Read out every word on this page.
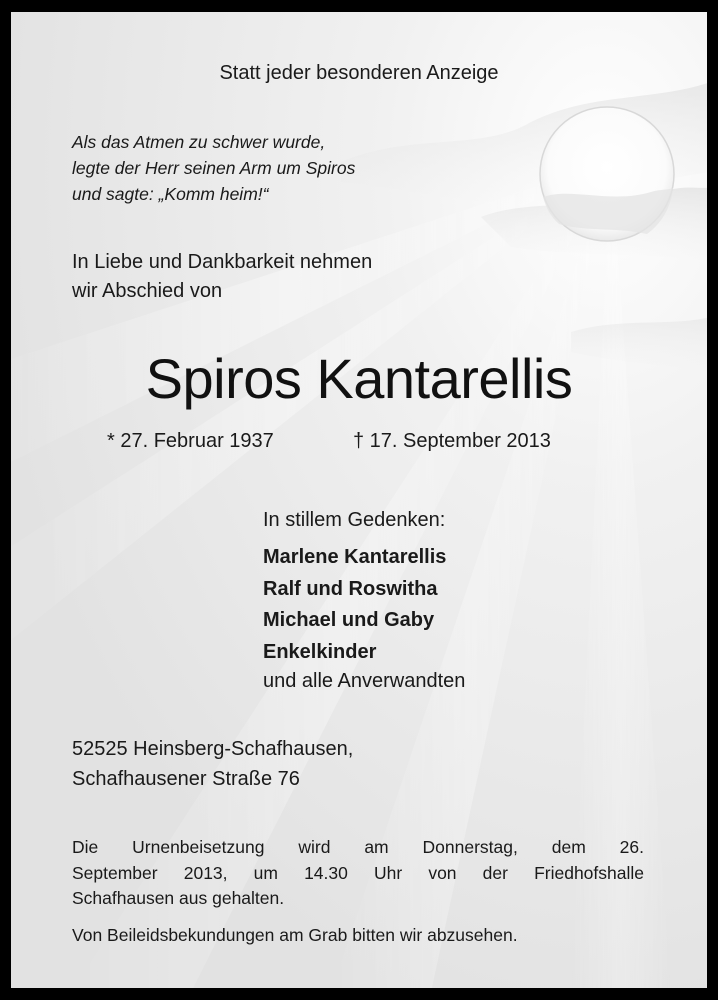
Statt jeder besonderen Anzeige

Als das Atmen zu schwer wurde,
legte der Herr seinen Arm um Spiros
und sagte: „Komm heim!“

In Liebe und Dankbarkeit nehmen
wir Abschied von

Spiros Kantarellis

* 27. Februar 1937	† 17. September 2013

In stillem Gedenken:

Marlene Kantarellis
Ralf und Roswitha
Michael und Gaby
Enkelkinder

und alle Anverwandten

52525 Heinsberg-Schafhausen,
Schafhausener Straße 76

Die Urnenbeisetzung wird am Donnerstag, dem 26.
September 2013, um 14.30 Uhr von der Friedhofshalle
Schafhausen aus gehalten.

Von Beileidsbekundungen am Grab bitten wir abzusehen.
